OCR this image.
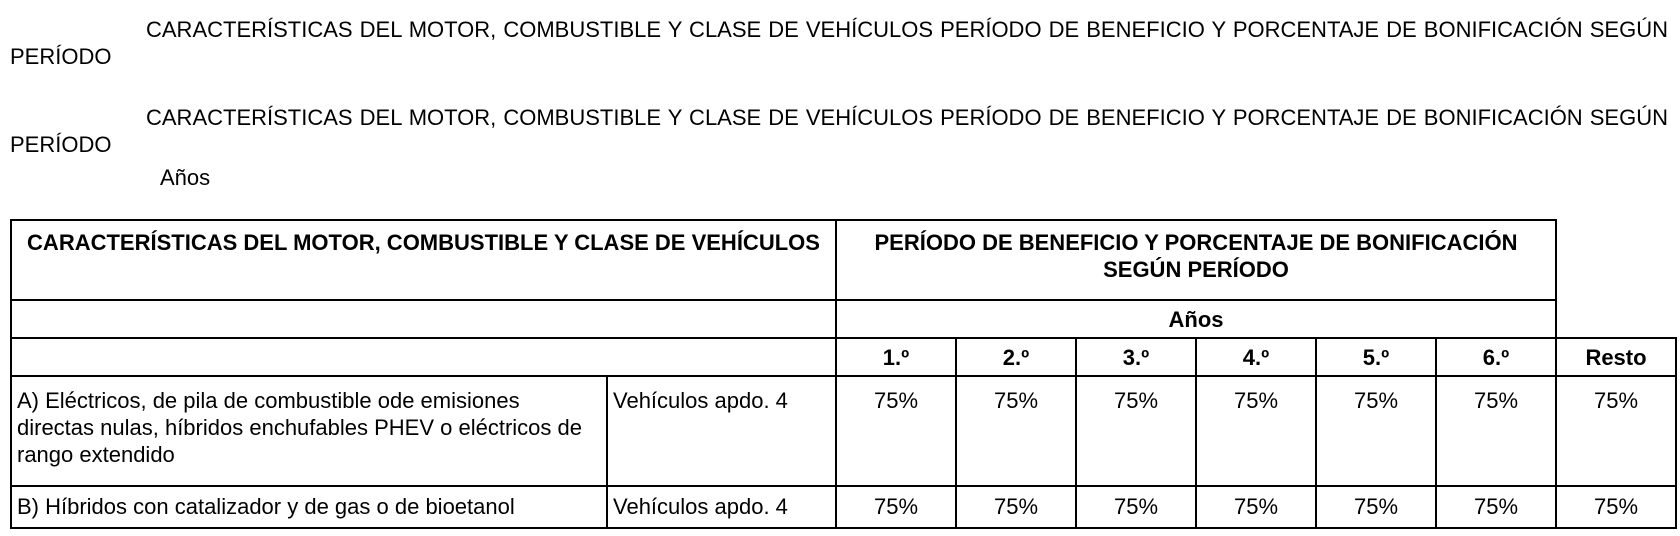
CARACTERÍSTICAS DEL MOTOR, COMBUSTIBLE Y CLASE DE VEHÍCULOS PERÍODO DE BENEFICIO Y PORCENTAJE DE BONIFICACIÓN SEGÚN PERÍODO
CARACTERÍSTICAS DEL MOTOR, COMBUSTIBLE Y CLASE DE VEHÍCULOS PERÍODO DE BENEFICIO Y PORCENTAJE DE BONIFICACIÓN SEGÚN PERÍODO
Años
CARACTERÍSTICAS DEL MOTOR, COMBUSTIBLE Y CLASE DE VEHÍCULOS		PERÍODO DE BENEFICIO Y PORCENTAJE DE BONIFICACIÓN SEGÚN PERÍODO						
		Años						
		1.º	2.º	3.º	4.º	5.º	6.º	Resto
A) Eléctricos, de pila de combustible ode emisiones directas nulas, híbridos enchufables PHEV o eléctricos de rango extendido	Vehículos apdo. 4	75%	75%	75%	75%	75%	75%	75%
B) Híbridos con catalizador y de gas o de bioetanol	Vehículos apdo. 4	75%	75%	75%	75%	75%	75%	75%
